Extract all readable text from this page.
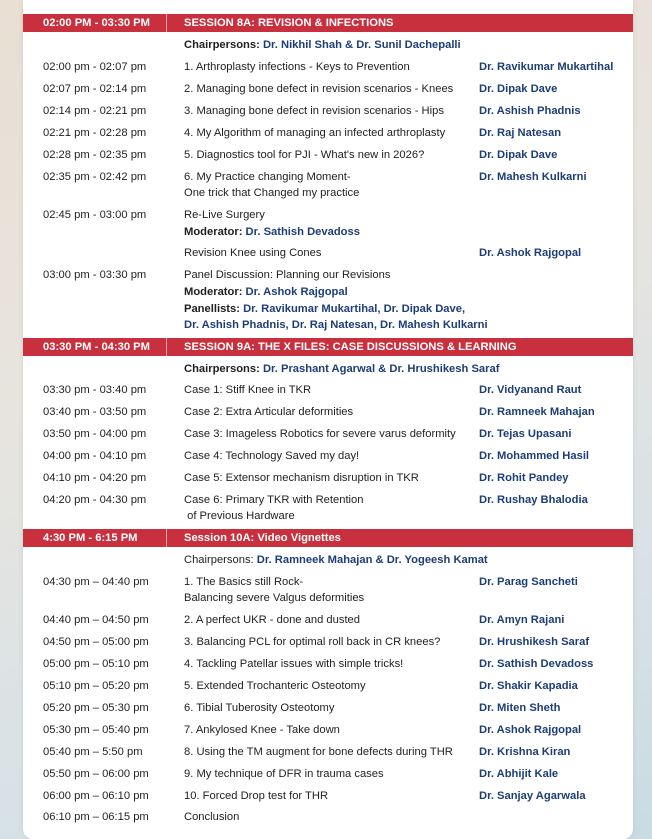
02:00 PM - 03:30 PM	SESSION 8A: REVISION & INFECTIONS
Chairpersons: Dr. Nikhil Shah & Dr. Sunil Dachepalli
02:00 pm - 02:07 pm	1. Arthroplasty infections - Keys to Prevention	Dr. Ravikumar Mukartihal
02:07 pm - 02:14 pm	2. Managing bone defect in revision scenarios - Knees Dr. Dipak Dave
02:14 pm - 02:21 pm	3. Managing bone defect in revision scenarios - Hips	Dr. Ashish Phadnis
02:21 pm - 02:28 pm	4. My Algorithm of managing an infected arthroplasty	Dr. Raj Natesan
02:28 pm - 02:35 pm	5. Diagnostics tool for PJI - What's new in 2026?	Dr. Dipak Dave
02:35 pm - 02:42 pm	6. My Practice changing Moment-	Dr. Mahesh Kulkarni
One trick that Changed my practice
02:45 pm - 03:00 pm	Re-Live Surgery
Moderator: Dr. Sathish Devadoss
Revision Knee using Cones	Dr. Ashok Rajgopal
03:00 pm - 03:30 pm	Panel Discussion: Planning our Revisions
Moderator: Dr. Ashok Rajgopal
Panellists: Dr. Ravikumar Mukartihal, Dr. Dipak Dave,
Dr. Ashish Phadnis, Dr. Raj Natesan, Dr. Mahesh Kulkarni
03:30 PM - 04:30 PM	SESSION 9A: THE X FILES: CASE DISCUSSIONS & LEARNING
Chairpersons: Dr. Prashant Agarwal & Dr. Hrushikesh Saraf
03:30 pm - 03:40 pm	Case 1: Stiff Knee in TKR	Dr. Vidyanand Raut
03:40 pm - 03:50 pm	Case 2: Extra Articular deformities	Dr. Ramneek Mahajan
03:50 pm - 04:00 pm	Case 3: Imageless Robotics for severe varus deformity Dr. Tejas Upasani
04:00 pm - 04:10 pm	Case 4: Technology Saved my day!	Dr. Mohammed Hasil
04:10 pm - 04:20 pm	Case 5: Extensor mechanism disruption in TKR	Dr. Rohit Pandey
04:20 pm - 04:30 pm	Case 6: Primary TKR with Retention	Dr. Rushay Bhalodia
of Previous Hardware
4:30 PM - 6:15 PM	Session 10A: Video Vignettes
Chairpersons: Dr. Ramneek Mahajan & Dr. Yogeesh Kamat
04:30 pm – 04:40 pm	1. The Basics still Rock-	Dr. Parag Sancheti
Balancing severe Valgus deformities
04:40 pm – 04:50 pm	2. A perfect UKR - done and dusted	Dr. Amyn Rajani
04:50 pm – 05:00 pm	3. Balancing PCL for optimal roll back in CR knees?	Dr. Hrushikesh Saraf
05:00 pm – 05:10 pm	4. Tackling Patellar issues with simple tricks!	Dr. Sathish Devadoss
05:10 pm – 05:20 pm	5. Extended Trochanteric Osteotomy	Dr. Shakir Kapadia
05:20 pm – 05:30 pm	6. Tibial Tuberosity Osteotomy	Dr. Miten Sheth
05:30 pm – 05:40 pm	7. Ankylosed Knee - Take down	Dr. Ashok Rajgopal
05:40 pm – 5:50 pm	8. Using the TM augment for bone defects during THR Dr. Krishna Kiran
05:50 pm – 06:00 pm	9. My technique of DFR in trauma cases	Dr. Abhijit Kale
06:00 pm – 06:10 pm	10. Forced Drop test for THR	Dr. Sanjay Agarwala
06:10 pm – 06:15 pm	Conclusion
